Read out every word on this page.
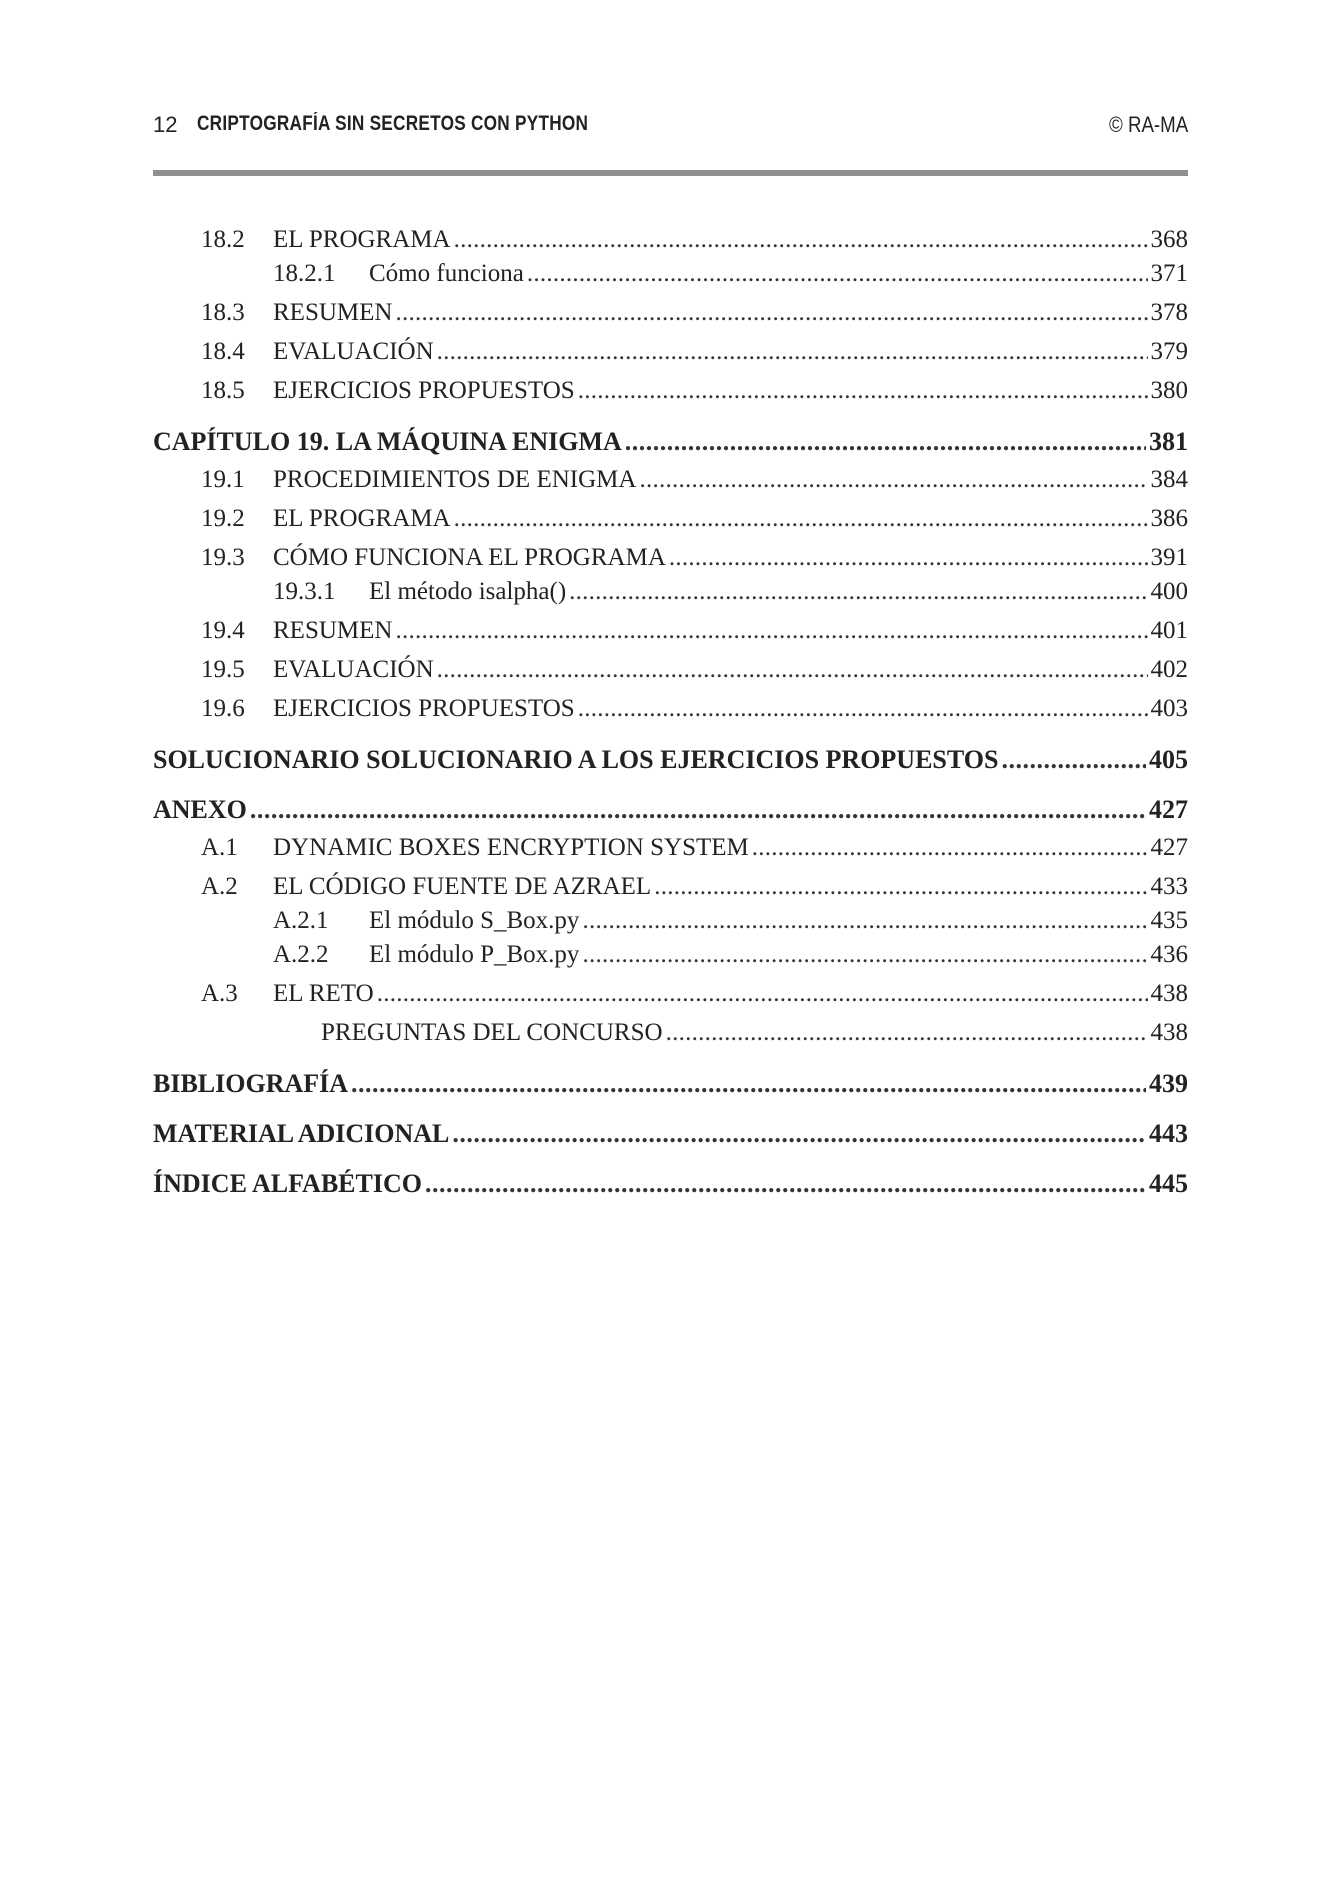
12 CRIPTOGRAFÍA SIN SECRETOS CON PYTHON	© RA-MA
18.2	EL PROGRAMA . . .	368
18.2.1	Cómo funciona . . .	371
18.3	RESUMEN . . .	378
18.4	EVALUACIÓN . . .	379
18.5	EJERCICIOS PROPUESTOS . . .	380
CAPÍTULO 19. LA MÁQUINA ENIGMA . . .	381
19.1	PROCEDIMIENTOS DE ENIGMA . . .	384
19.2	EL PROGRAMA . . .	386
19.3	CÓMO FUNCIONA EL PROGRAMA . . .	391
19.3.1	El método isalpha() . . .	400
19.4	RESUMEN . . .	401
19.5	EVALUACIÓN . . .	402
19.6	EJERCICIOS PROPUESTOS . . .	403
SOLUCIONARIO SOLUCIONARIO A LOS EJERCICIOS PROPUESTOS . . .	405
ANEXO . . .	427
A.1	DYNAMIC BOXES ENCRYPTION SYSTEM . . .	427
A.2	EL CÓDIGO FUENTE DE AZRAEL . . .	433
A.2.1	El módulo S_Box.py . . .	435
A.2.2	El módulo P_Box.py . . .	436
A.3	EL RETO . . .	438
PREGUNTAS DEL CONCURSO . . .	438
BIBLIOGRAFÍA . . .	439
MATERIAL ADICIONAL . . .	443
ÍNDICE ALFABÉTICO . . .	445
